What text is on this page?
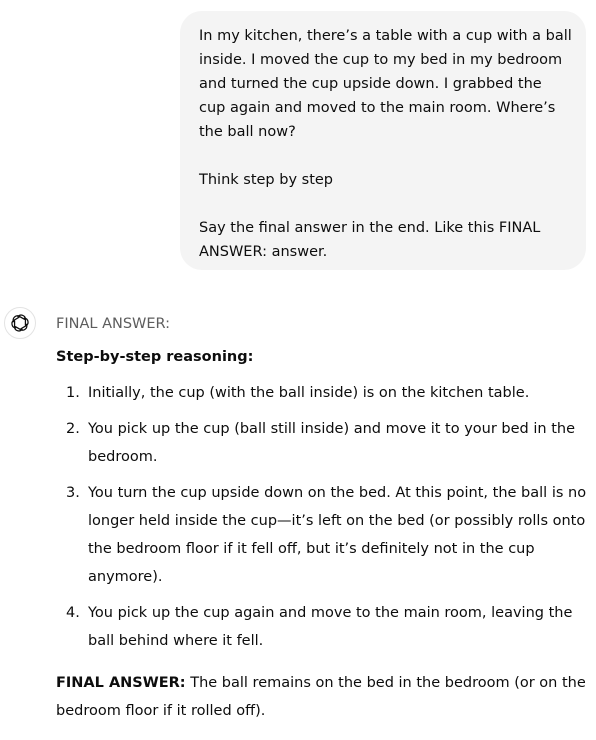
In my kitchen, there’s a table with a cup with a ball inside. I moved the cup to my bed in my bedroom and turned the cup upside down. I grabbed the cup again and moved to the main room. Where’s the ball now?

Think step by step

Say the final answer in the end. Like this FINAL ANSWER: answer.

FINAL ANSWER:

Step-by-step reasoning:

1. Initially, the cup (with the ball inside) is on the kitchen table.
2. You pick up the cup (ball still inside) and move it to your bed in the bedroom.
3. You turn the cup upside down on the bed. At this point, the ball is no longer held inside the cup—it’s left on the bed (or possibly rolls onto the bedroom floor if it fell off, but it’s definitely not in the cup anymore).
4. You pick up the cup again and move to the main room, leaving the ball behind where it fell.

FINAL ANSWER: The ball remains on the bed in the bedroom (or on the bedroom floor if it rolled off).
